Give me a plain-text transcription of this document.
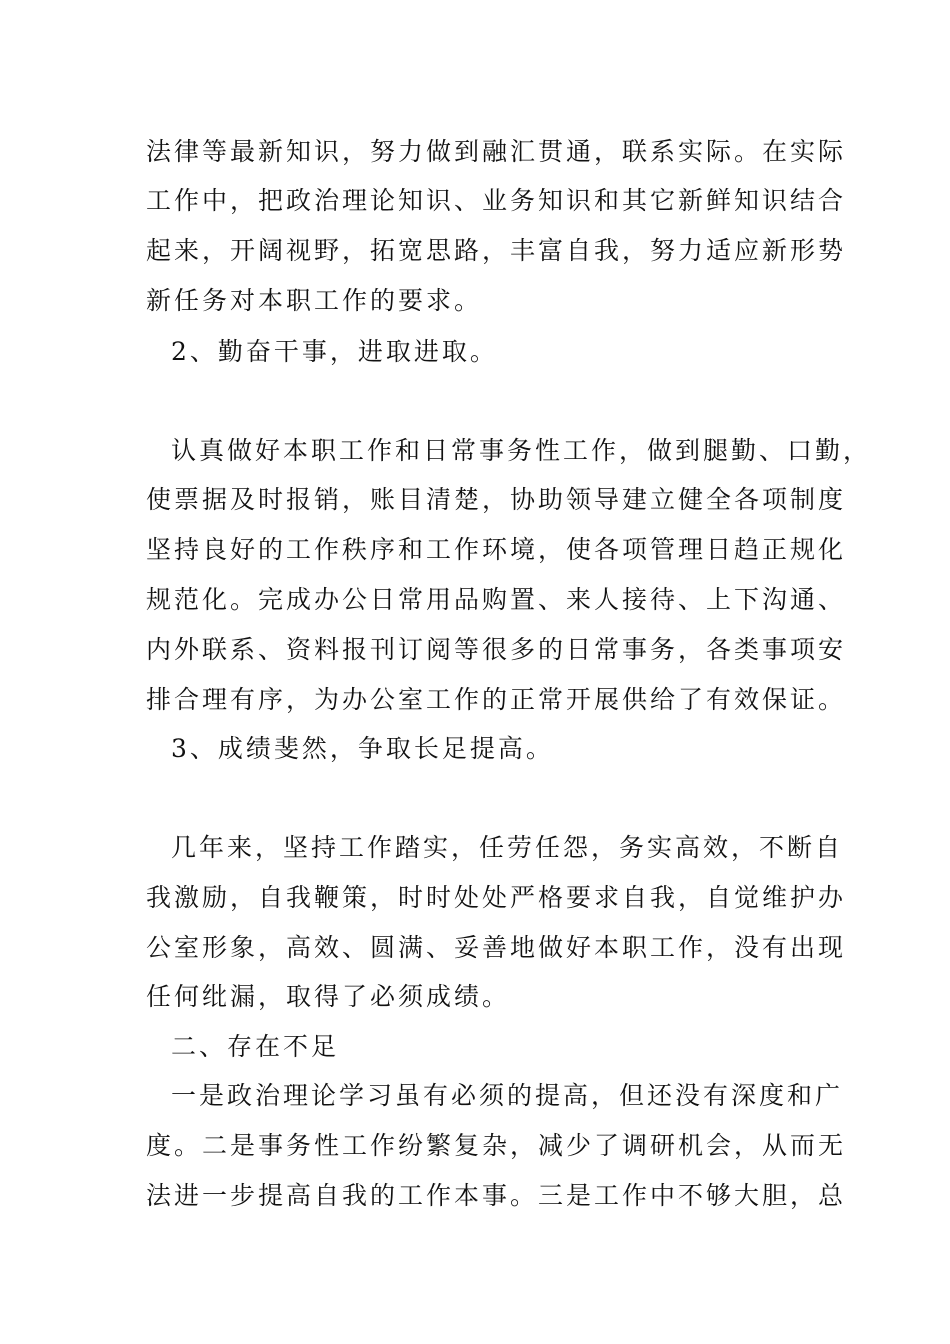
法律等最新知识，努力做到融汇贯通，联系实际。在实际
工作中，把政治理论知识、业务知识和其它新鲜知识结合
起来，开阔视野，拓宽思路，丰富自我，努力适应新形势
新任务对本职工作的要求。
2、勤奋干事，进取进取。
认真做好本职工作和日常事务性工作，做到腿勤、口勤，
使票据及时报销，账目清楚，协助领导建立健全各项制度
坚持良好的工作秩序和工作环境，使各项管理日趋正规化
规范化。完成办公日常用品购置、来人接待、上下沟通、
内外联系、资料报刊订阅等很多的日常事务，各类事项安
排合理有序，为办公室工作的正常开展供给了有效保证。
3、成绩斐然，争取长足提高。
几年来，坚持工作踏实，任劳任怨，务实高效，不断自
我激励，自我鞭策，时时处处严格要求自我，自觉维护办
公室形象，高效、圆满、妥善地做好本职工作，没有出现
任何纰漏，取得了必须成绩。
二、存在不足
一是政治理论学习虽有必须的提高，但还没有深度和广
度。二是事务性工作纷繁复杂，减少了调研机会，从而无
法进一步提高自我的工作本事。三是工作中不够大胆，总
